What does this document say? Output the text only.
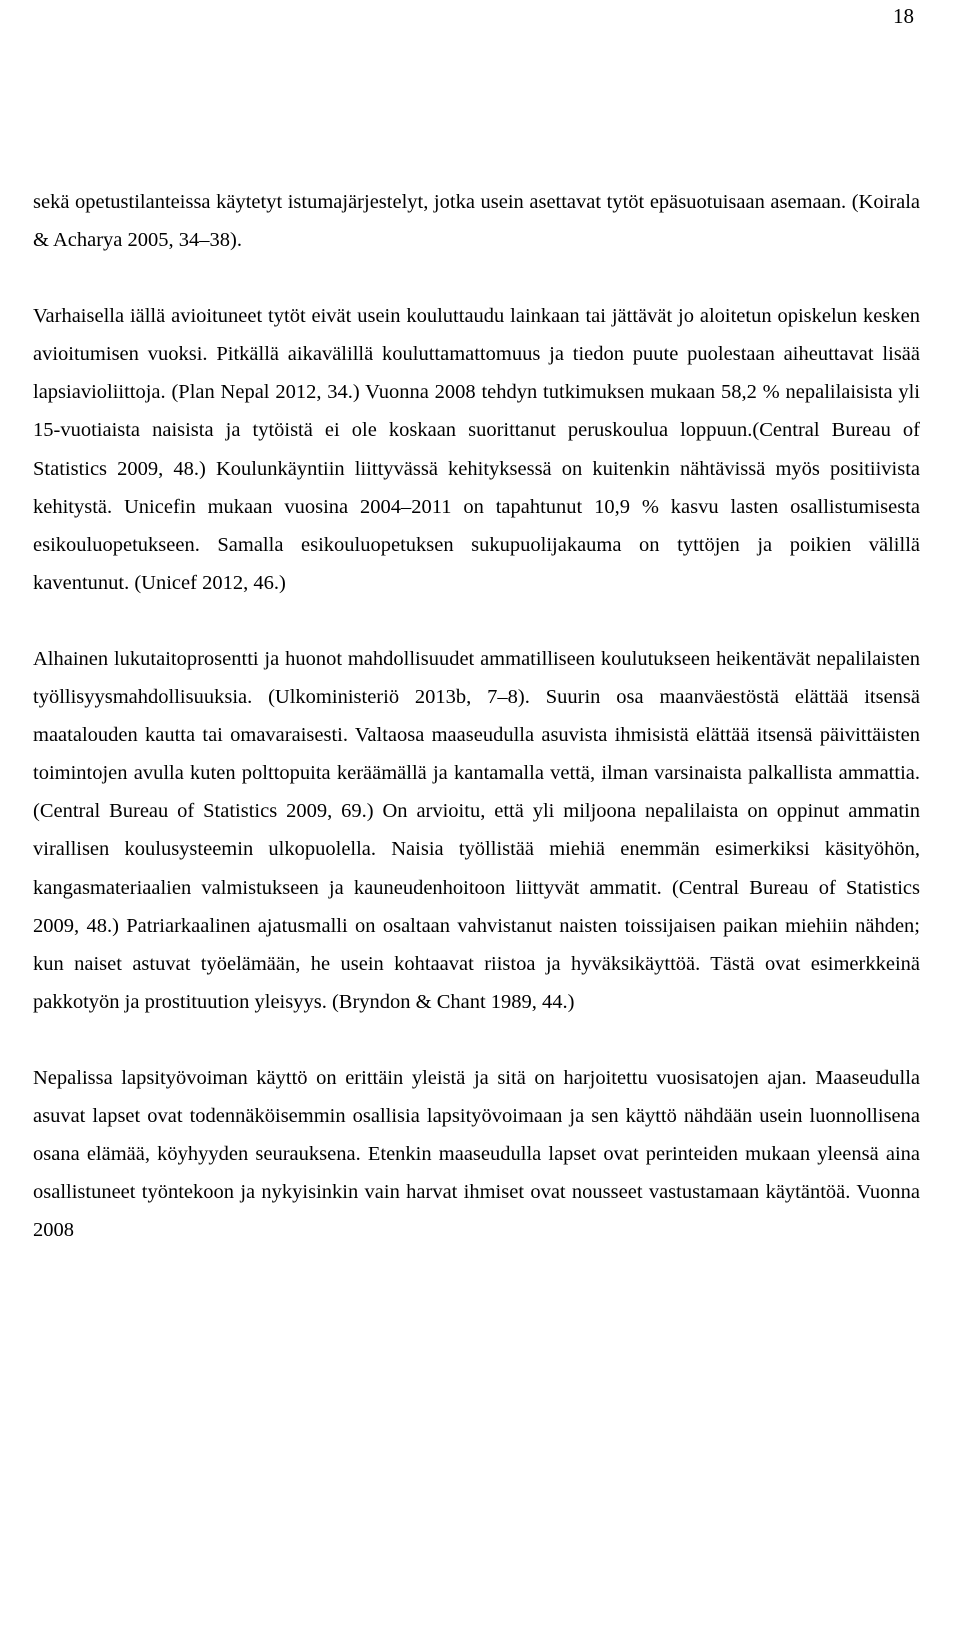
18

sekä opetustilanteissa käytetyt istumajärjestelyt, jotka usein asettavat tytöt epäsuotuisaan asemaan. (Koirala & Acharya 2005, 34–38).

Varhaisella iällä avioituneet tytöt eivät usein kouluttaudu lainkaan tai jättävät jo aloitetun opiskelun kesken avioitumisen vuoksi. Pitkällä aikavälillä kouluttamattomuus ja tiedon puute puolestaan aiheuttavat lisää lapsiavioliittoja. (Plan Nepal 2012, 34.) Vuonna 2008 tehdyn tutkimuksen mukaan 58,2 % nepalilaisista yli 15-vuotiaista naisista ja tytöistä ei ole koskaan suorittanut peruskoulua loppuun.(Central Bureau of Statistics 2009, 48.) Koulunkäyntiin liittyvässä kehityksessä on kuitenkin nähtävissä myös positiivista kehitystä. Unicefin mukaan vuosina 2004–2011 on tapahtunut 10,9 % kasvu lasten osallistumisesta esikouluopetukseen. Samalla esikouluopetuksen sukupuolijakauma on tyttöjen ja poikien välillä kaventunut. (Unicef 2012, 46.)

Alhainen lukutaitoprosentti ja huonot mahdollisuudet ammatilliseen koulutukseen heikentävät nepalilaisten työllisyysmahdollisuuksia. (Ulkoministeriö 2013b, 7–8). Suurin osa maanväestöstä elättää itsensä maatalouden kautta tai omavaraisesti. Valtaosa maaseudulla asuvista ihmisistä elättää itsensä päivittäisten toimintojen avulla kuten polttopuita keräämällä ja kantamalla vettä, ilman varsinaista palkallista ammattia. (Central Bureau of Statistics 2009, 69.) On arvioitu, että yli miljoona nepalilaista on oppinut ammatin virallisen koulusysteemin ulkopuolella. Naisia työllistää miehiä enemmän esimerkiksi käsityöhön, kangasmateriaalien valmistukseen ja kauneudenhoitoon liittyvät ammatit. (Central Bureau of Statistics 2009, 48.) Patriarkaalinen ajatusmalli on osaltaan vahvistanut naisten toissijaisen paikan miehiin nähden; kun naiset astuvat työelämään, he usein kohtaavat riistoa ja hyväksikäyttöä. Tästä ovat esimerkkeinä pakkotyön ja prostituution yleisyys. (Bryndon & Chant 1989, 44.)

Nepalissa lapsityövoiman käyttö on erittäin yleistä ja sitä on harjoitettu vuosisatojen ajan. Maaseudulla asuvat lapset ovat todennäköisemmin osallisia lapsityövoimaan ja sen käyttö nähdään usein luonnollisena osana elämää, köyhyyden seurauksena. Etenkin maaseudulla lapset ovat perinteiden mukaan yleensä aina osallistuneet työntekoon ja nykyisinkin vain harvat ihmiset ovat nousseet vastustamaan käytäntöä. Vuonna 2008
